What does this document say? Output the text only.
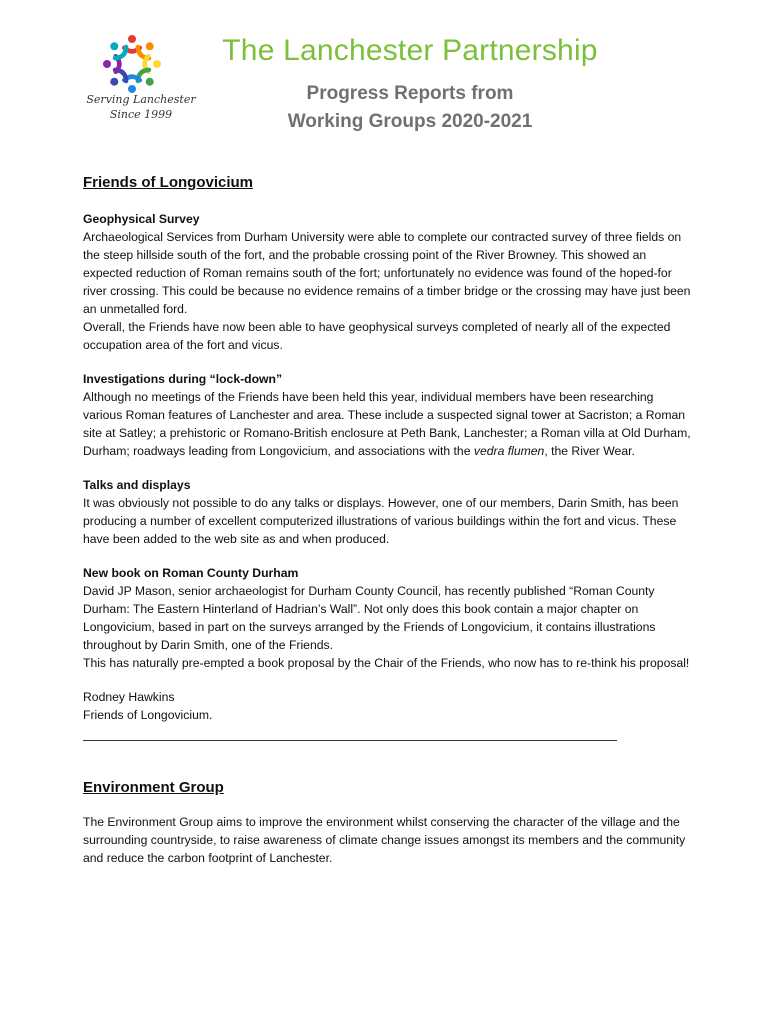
Serving Lanchester
Since 1999
The Lanchester Partnership
Progress Reports from
Working Groups 2020-2021
Friends of Longovicium
Geophysical Survey

Archaeological Services from Durham University were able to complete our contracted survey of three fields on the steep hillside south of the fort, and the probable crossing point of the River Browney. This showed an expected reduction of Roman remains south of the fort; unfortunately no evidence was found of the hoped-for river crossing. This could be because no evidence remains of a timber bridge or the crossing may have just been an unmetalled ford.

Overall, the Friends have now been able to have geophysical surveys completed of nearly all of the expected occupation area of the fort and vicus.

Investigations during “lock-down”

Although no meetings of the Friends have been held this year, individual members have been researching various Roman features of Lanchester and area. These include a suspected signal tower at Sacriston; a Roman site at Satley; a prehistoric or Romano-British enclosure at Peth Bank, Lanchester; a Roman villa at Old Durham, Durham; roadways leading from Longovicium, and associations with the vedra flumen, the River Wear.

Talks and displays

It was obviously not possible to do any talks or displays. However, one of our members, Darin Smith, has been producing a number of excellent computerized illustrations of various buildings within the fort and vicus. These have been added to the web site as and when produced.

New book on Roman County Durham

David JP Mason, senior archaeologist for Durham County Council, has recently published “Roman County Durham: The Eastern Hinterland of Hadrian’s Wall”. Not only does this book contain a major chapter on Longovicium, based in part on the surveys arranged by the Friends of Longovicium, it contains illustrations throughout by Darin Smith, one of the Friends.

This has naturally pre-empted a book proposal by the Chair of the Friends, who now has to re-think his proposal!

Rodney Hawkins

Friends of Longovicium.

Environment Group

The Environment Group aims to improve the environment whilst conserving the character of the village and the surrounding countryside, to raise awareness of climate change issues amongst its members and the community and reduce the carbon footprint of Lanchester.
